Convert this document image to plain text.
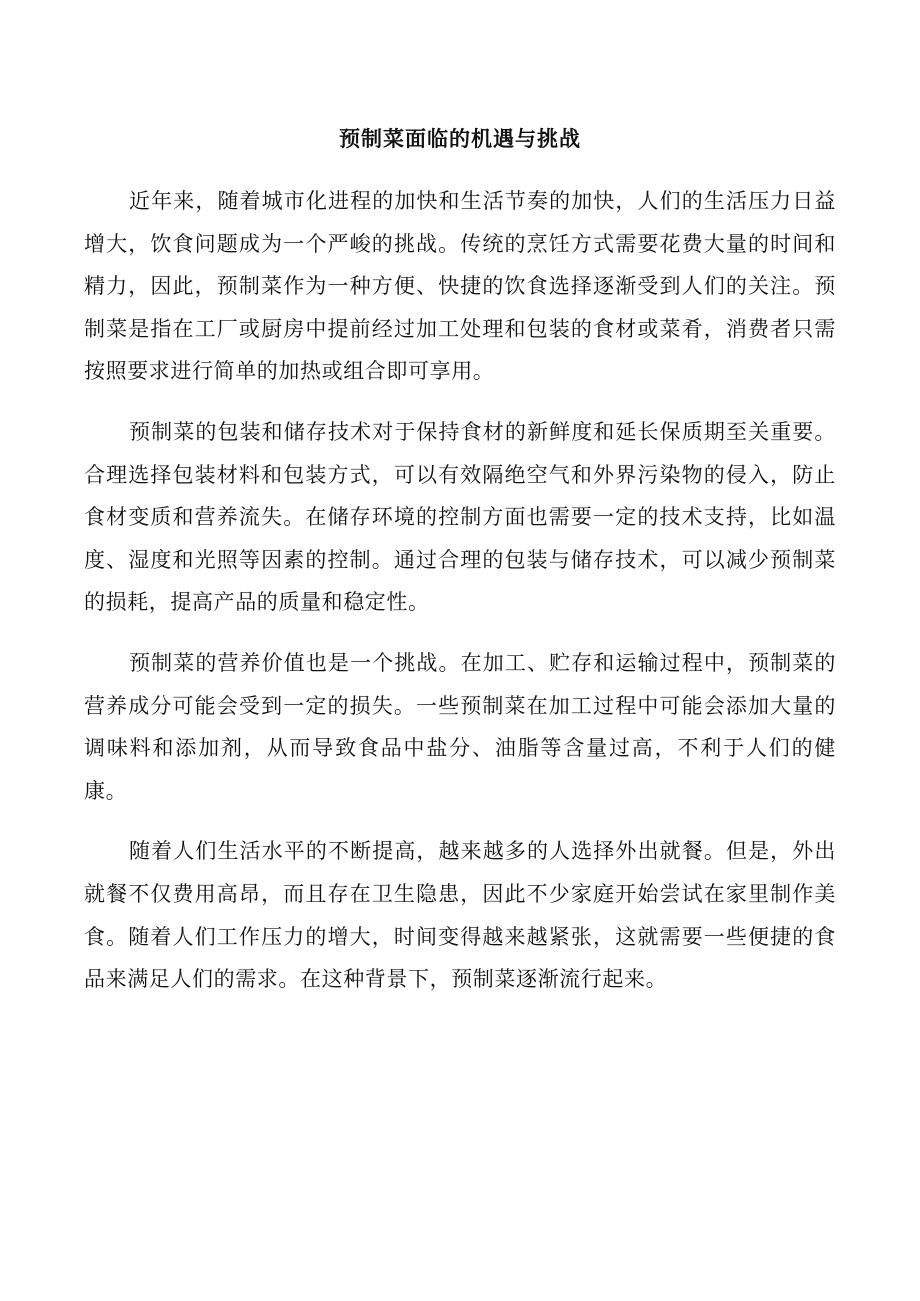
预制菜面临的机遇与挑战

近年来，随着城市化进程的加快和生活节奏的加快，人们的生活压力日益增大，饮食问题成为一个严峻的挑战。传统的烹饪方式需要花费大量的时间和精力，因此，预制菜作为一种方便、快捷的饮食选择逐渐受到人们的关注。预制菜是指在工厂或厨房中提前经过加工处理和包装的食材或菜肴，消费者只需按照要求进行简单的加热或组合即可享用。

预制菜的包装和储存技术对于保持食材的新鲜度和延长保质期至关重要。合理选择包装材料和包装方式，可以有效隔绝空气和外界污染物的侵入，防止食材变质和营养流失。在储存环境的控制方面也需要一定的技术支持，比如温度、湿度和光照等因素的控制。通过合理的包装与储存技术，可以减少预制菜的损耗，提高产品的质量和稳定性。

预制菜的营养价值也是一个挑战。在加工、贮存和运输过程中，预制菜的营养成分可能会受到一定的损失。一些预制菜在加工过程中可能会添加大量的调味料和添加剂，从而导致食品中盐分、油脂等含量过高，不利于人们的健康。

随着人们生活水平的不断提高，越来越多的人选择外出就餐。但是，外出就餐不仅费用高昂，而且存在卫生隐患，因此不少家庭开始尝试在家里制作美食。随着人们工作压力的增大，时间变得越来越紧张，这就需要一些便捷的食品来满足人们的需求。在这种背景下，预制菜逐渐流行起来。
